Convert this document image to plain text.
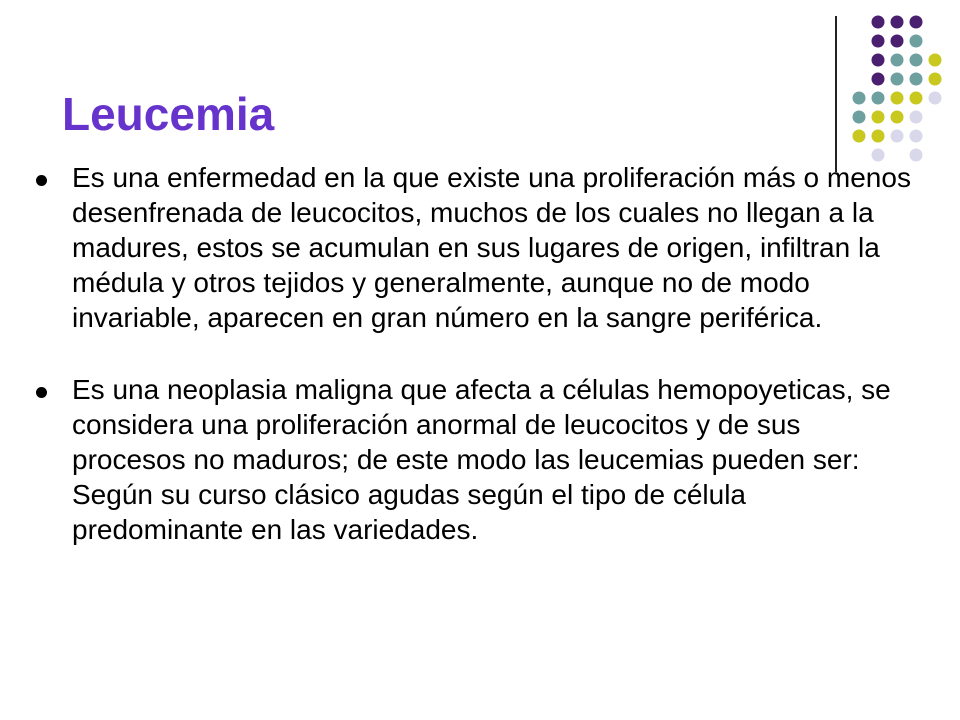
Leucemia
Es una enfermedad en la que existe una proliferación más o menos desenfrenada de leucocitos, muchos de los cuales no llegan a la madures, estos se acumulan en sus lugares de origen, infiltran la médula y otros tejidos y generalmente, aunque no de modo invariable, aparecen en gran número en la sangre periférica.
Es una neoplasia maligna que afecta a células hemopoyeticas, se considera una proliferación anormal de leucocitos y de sus procesos no maduros; de este modo las leucemias pueden ser: Según su curso clásico agudas según el tipo de célula predominante en las variedades.
